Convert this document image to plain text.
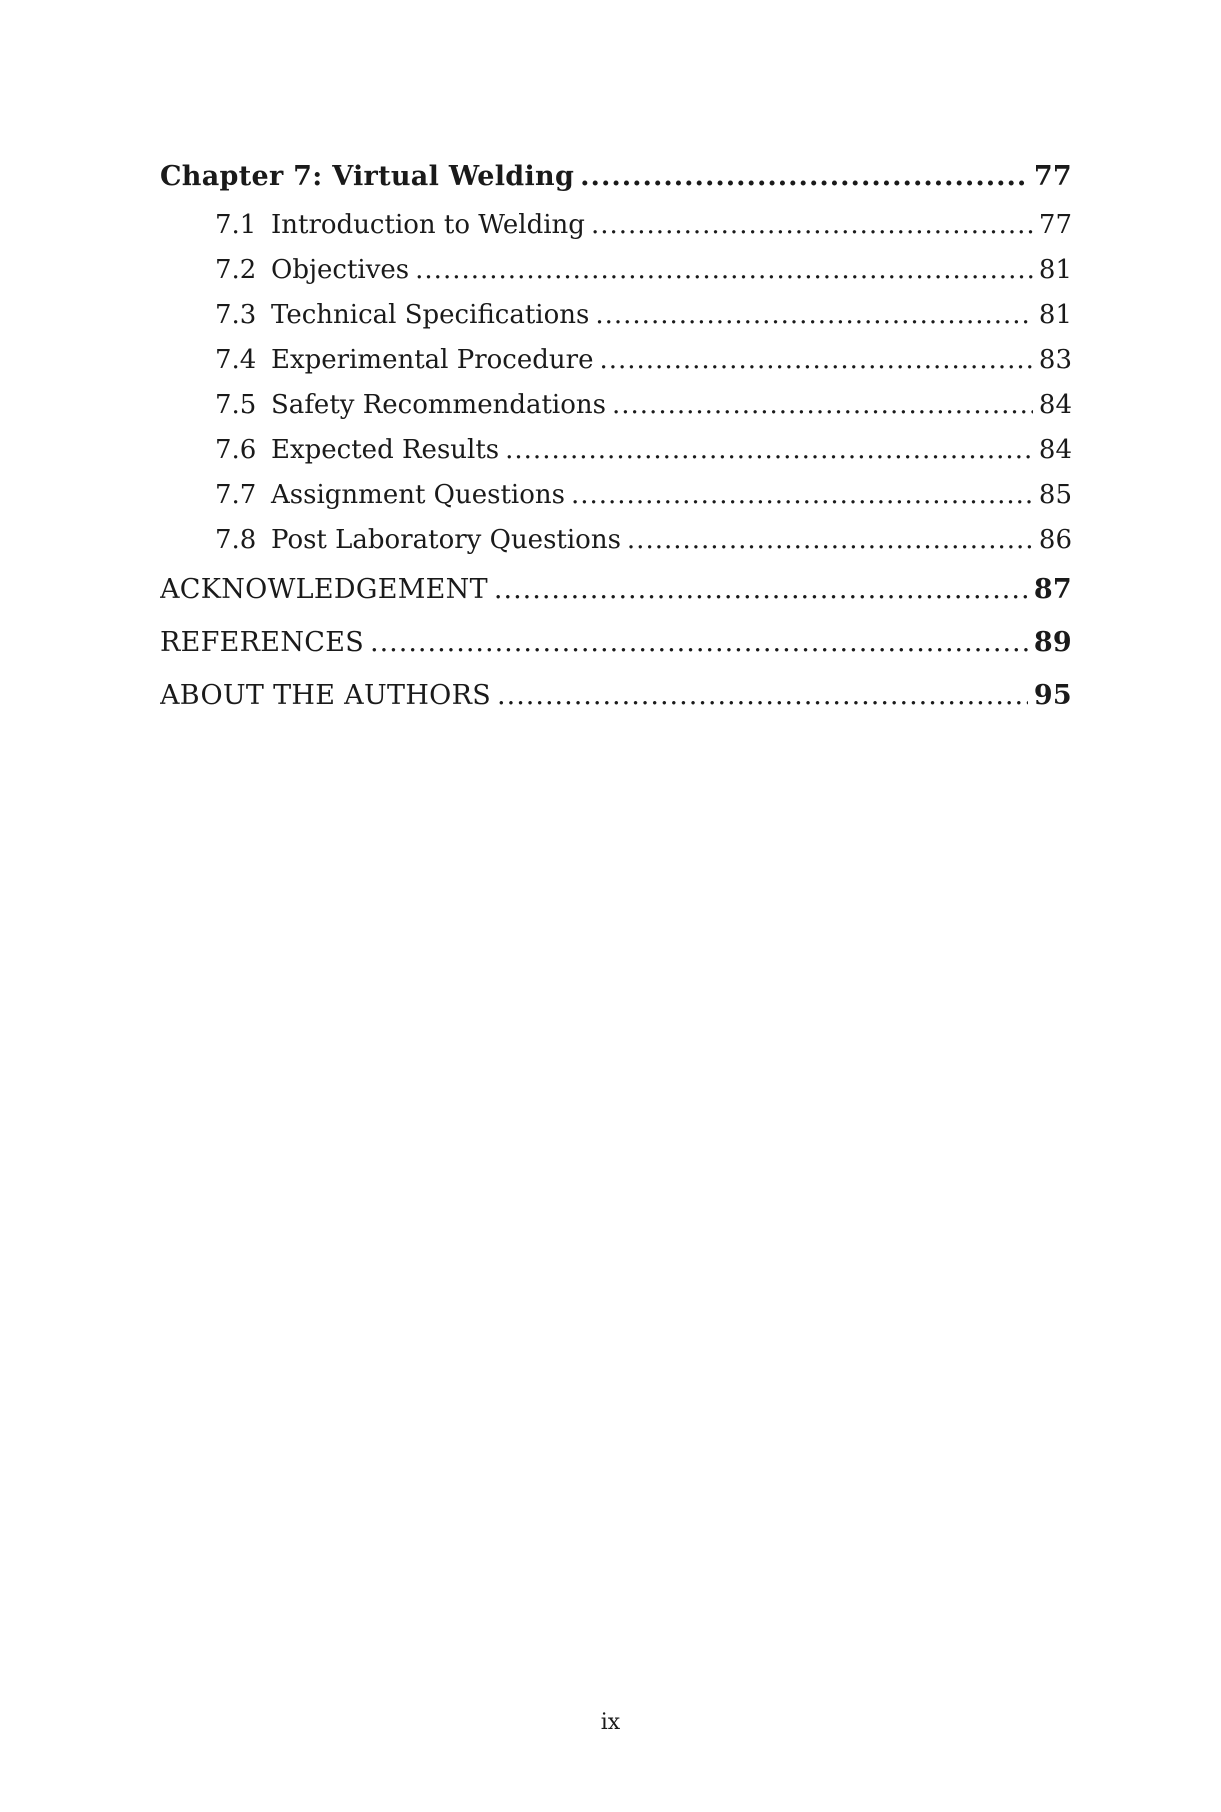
Chapter 7: Virtual Welding .....	77
7.1 Introduction to Welding .....	77
7.2 Objectives .....	81
7.3 Technical Specifications .....	81
7.4 Experimental Procedure .....	83
7.5 Safety Recommendations .....	84
7.6 Expected Results .....	84
7.7 Assignment Questions .....	85
7.8 Post Laboratory Questions .....	86
ACKNOWLEDGEMENT .....	87
REFERENCES .....	89
ABOUT THE AUTHORS .....	95
ix
